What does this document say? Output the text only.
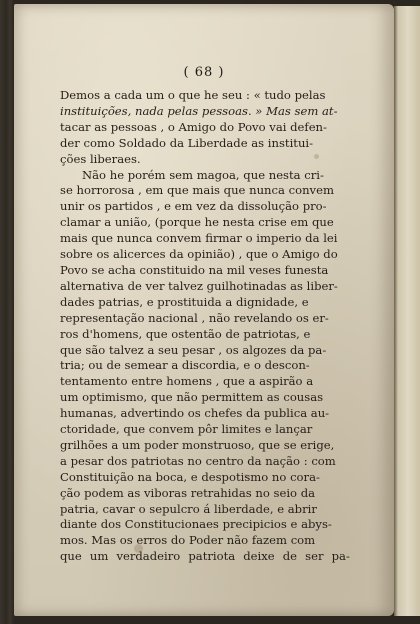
( 68 )
Demos a cada um o que he seu : « tudo pelas
instituições, nada pelas pessoas. » Mas sem at-
tacar as pessoas , o Amigo do Povo vai defen-
der como Soldado da Liberdade as institui-
ções liberaes.
Não he porém sem magoa, que nesta cri-
se horrorosa , em que mais que nunca convem
unir os partidos , e em vez da dissolução pro-
clamar a união, (porque he nesta crise em que
mais que nunca convem firmar o imperio da lei
sobre os alicerces da opinião) , que o Amigo do
Povo se acha constituido na mil veses funesta
alternativa de ver talvez guilhotinadas as liber-
dades patrias, e prostituida a dignidade, e
representação nacional , não revelando os er-
ros d'homens, que ostentão de patriotas, e
que são talvez a seu pesar , os algozes da pa-
tria; ou de semear a discordia, e o descon-
tentamento entre homens , que a aspirão a
um optimismo, que não permittem as cousas
humanas, advertindo os chefes da publica au-
ctoridade, que convem pôr limites e lançar
grilhões a um poder monstruoso, que se erige,
a pesar dos patriotas no centro da nação : com
Constituição na boca, e despotismo no cora-
ção podem as viboras retrahidas no seio da
patria, cavar o sepulcro á liberdade, e abrir
diante dos Constitucionaes precipicios e abys-
mos. Mas os erros do Poder não fazem com
que um verdadeiro patriota deixe de ser pa-
